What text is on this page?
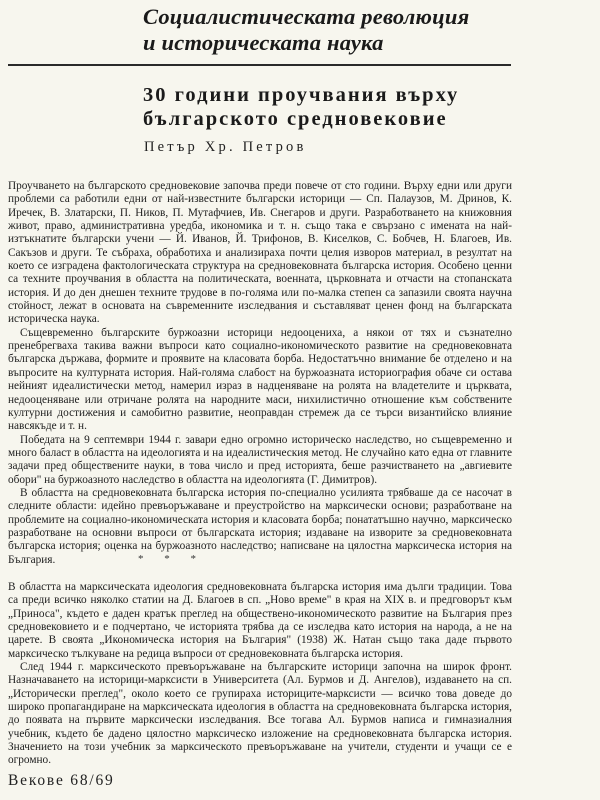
Социалистическата революция
и историческата наука
30 години проучвания върху
българското средновековие
Петър Хр. Петров

Проучването на българското средновековие започва преди повече от сто години. Върху едни или други проблеми са работили едни от най-известните български историци — Сп. Палаузов, М. Дринов, К. Иречек, В. Златарски, П. Ников, П. Мутафчиев, Ив. Снегаров и други. Разработването на книжовния живот, право, административна уредба, икономика и т. н. също така е свързано с имената на най-изтъкнатите български учени — Й. Иванов, Й. Трифонов, В. Киселков, С. Бобчев, Н. Благоев, Ив. Сакъзов и други. Те събраха, обработиха и анализираха почти целия изворов материал, в резултат на което се изградена фактологическата структура на средновековната българска история. Особено ценни са техните проучвания в областта на политическата, военната, църковната и отчасти на стопанската история. И до ден днешен техните трудове в по-голяма или по-малка степен са запазили своята научна стойност, лежат в основата на съвременните изследвания и съставляват ценен фонд на българската историческа наука.

Същевременно българските буржоазни историци недооцениха, а някои от тях и съзнателно пренебрегваха такива важни въпроси като социално-икономическото развитие на средновековната българска държава, формите и проявите на класовата борба. Недостатъчно внимание бе отделено и на въпросите на културната история. Най-голяма слабост на буржоазната историография обаче си остава нейният идеалистически метод, намерил израз в надценяване на ролята на владетелите и църквата, недооценяване или отричане ролята на народните маси, нихилистично отношение към собствените културни достижения и самобитно развитие, неоправдан стремеж да се търси византийско влияние навсякъде и т. н.

Победата на 9 септември 1944 г. завари едно огромно историческо наследство, но същевременно и много баласт в областта на идеологията и на идеалистическия метод. Не случайно като една от главните задачи пред обществените науки, в това число и пред историята, беше разчистването на „авгиевите обори" на буржоазното наследство в областта на идеологията (Г. Димитров).

В областта на средновековната българска история по-специално усилията трябваше да се насочат в следните области: идейно превъоръжаване и преустройство на марксически основи; разработване на проблемите на социално-икономическата история и класовата борба; понататъшно научно, марксическо разработване на основни въпроси от българската история; издаване на изворите за средновековната българска история; оценка на буржоазното наследство; написване на цялостна марксическа история на България.	* * *

В областта на марксическата идеология средновековната българска история има дълги традиции. Това са преди всичко няколко статии на Д. Благоев в сп. „Ново време" в края на XIX в. и предговорът към „Приноса", където е даден кратък преглед на обществено-икономическото развитие на България през средновековието и е подчертано, че историята трябва да се изследва като история на народа, а не на царете. В своята „Икономическа история на България" (1938) Ж. Натан също така даде първото марксическо тълкуване на редица въпроси от средновековната българска история.

След 1944 г. марксическото превъоръжаване на българските историци започна на широк фронт. Назначаването на историци-марксисти в Университета (Ал. Бурмов и Д. Ангелов), издаването на сп. „Исторически преглед", около което се групираха историците-марксисти — всичко това доведе до широко пропагандиране на марксическата идеология в областта на средновековната българска история, до появата на първите марксически изследвания. Все тогава Ал. Бурмов написа и гимназиалния учебник, където бе дадено цялостно марксическо изложение на средновековната българска история. Значението на този учебник за марксическото превъоръжаване на учители, студенти и учащи се е огромно.

Векове 68/69
